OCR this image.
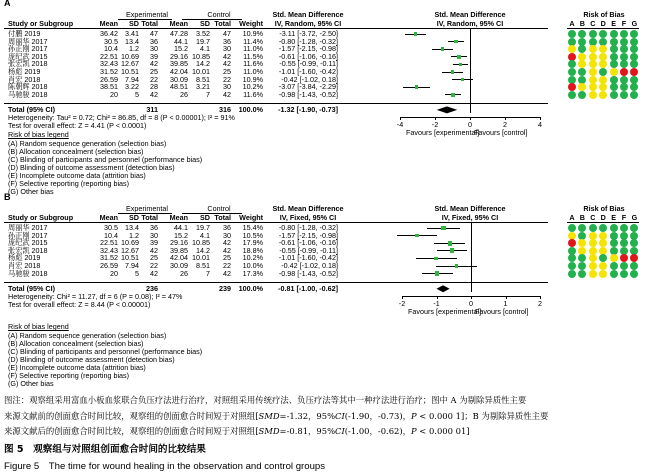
A
Experimental	Control	Std. Mean Difference	Std. Mean Difference	Risk of Bias
Study or Subgroup	Mean	SD Total	Mean	SD Total	Weight	IV, Random, 95% CI	IV, Random, 95% CI	A B C D E F G
付鹏 2019	36.42 3.41	47	47.28	3.52	47	10.9% -3.11 [-3.72, -2.50]
周丽华 2017	30.5 13.4	36	44.1	19.7	36	11.4% -0.80 [-1.28, -0.32]
孙正刚 2017	10.4	1.2	30	15.2	4.1	30	11.0% -1.57 [-2.15, -0.98]
庞纪武 2015	22.51 10.69	39	29.16 10.85	42	11.5% -0.61 [-1.06, -0.16]
张宏凯 2018	32.43 12.67	42	39.85	14.2	42	11.6% -0.55 [-0.99, -0.11]
杨彪 2019	31.52 10.51	25	42.04 10.01	25	11.0% -1.01 [-1.60, -0.42]
肖宏 2018	26.59 7.94	22	30.09	8.51	22	10.9%	-0.42 [-1.02, 0.18]
陈朝辉 2018	38.51 3.22	28	48.51	3.21	30	10.2% -3.07 [-3.84, -2.29]
马驰骏 2018	20	5	42	26	7	42	11.6% -0.98 [-1.43, -0.52]
Total (95% CI)	311	316	100.0% -1.32 [-1.90, -0.73]
-4	-2	0	2	4
Favours [experimental]
Favours [control]
Heterogeneity: Tau² = 0.72; Chi² = 86.85, df = 8 (P < 0.00001); I² = 91%
Test for overall effect: Z = 4.41 (P < 0.0001)
Risk of bias legend
(A) Random sequence generation (selection bias)
(B) Allocation concealment (selection bias)
(C) Blinding of participants and personnel (performance bias)
(D) Blinding of outcome assessment (detection bias)
(E) Incomplete outcome data (attrition bias)
(F) Selective reporting (reporting bias)
(G) Other bias
B
Experimental	Control	Std. Mean Difference	Std. Mean Difference	Risk of Bias
Study or Subgroup	Mean	SD Total	Mean	SD Total	Weight	IV, Fixed, 95% CI	IV, Fixed, 95% CI	A B C D E F G
周丽华 2017	30.5 13.4	36	44.1	19.7	36	15.4% -0.80 [-1.28, -0.32]
孙正刚 2017	10.4	1.2	30	15.2	4.1	30	10.5% -1.57 [-2.15, -0.98]
庞纪武 2015	22.51 10.69	39	29.16 10.85	42	17.9% -0.61 [-1.06, -0.16]
张宏凯 2018	32.43 12.67	42	39.85	14.2	42	18.8% -0.55 [-0.99, -0.11]
杨彪 2019	31.52 10.51	25	42.04 10.01	25	10.2% -1.01 [-1.60, -0.42]
肖宏 2018	26.59 7.94	22	30.09	8.51	22	10.0%	-0.42 [-1.02, 0.18]
马驰骏 2018	20	5	42	26	7	42	17.3% -0.98 [-1.43, -0.52]
Total (95% CI)	236	239	100.0% -0.81 [-1.00, -0.62]
-2	-1	0	1	2
Favours [experimental]
Favours [control]
Heterogeneity: Chi² = 11.27, df = 6 (P = 0.08); I² = 47%
Test for overall effect: Z = 8.44 (P < 0.00001)
Risk of bias legend
(A) Random sequence generation (selection bias)
(B) Allocation concealment (selection bias)
(C) Blinding of participants and personnel (performance bias)
(D) Blinding of outcome assessment (detection bias)
(E) Incomplete outcome data (attrition bias)
(F) Selective reporting (reporting bias)
(G) Other bias
图注：观察组采用富血小板血浆联合负压疗法进行治疗，对照组采用传统疗法、负压疗法等其中一种疗法进行治疗；图中 A 为剔除异质性主要
来源文献前的创面愈合时间比较，观察组的创面愈合时间短于对照组[SMD=-1.32，95%CI(-1.90，-0.73)，P < 0.000 1]；B 为剔除异质性主要
来源文献后的创面愈合时间比较，观察组的创面愈合时间短于对照组[SMD=-0.81，95%CI(-1.00，-0.62)，P < 0.000 01]
图 5　观察组与对照组创面愈合时间的比较结果
Figure 5　The time for wound healing in the observation and control groups
